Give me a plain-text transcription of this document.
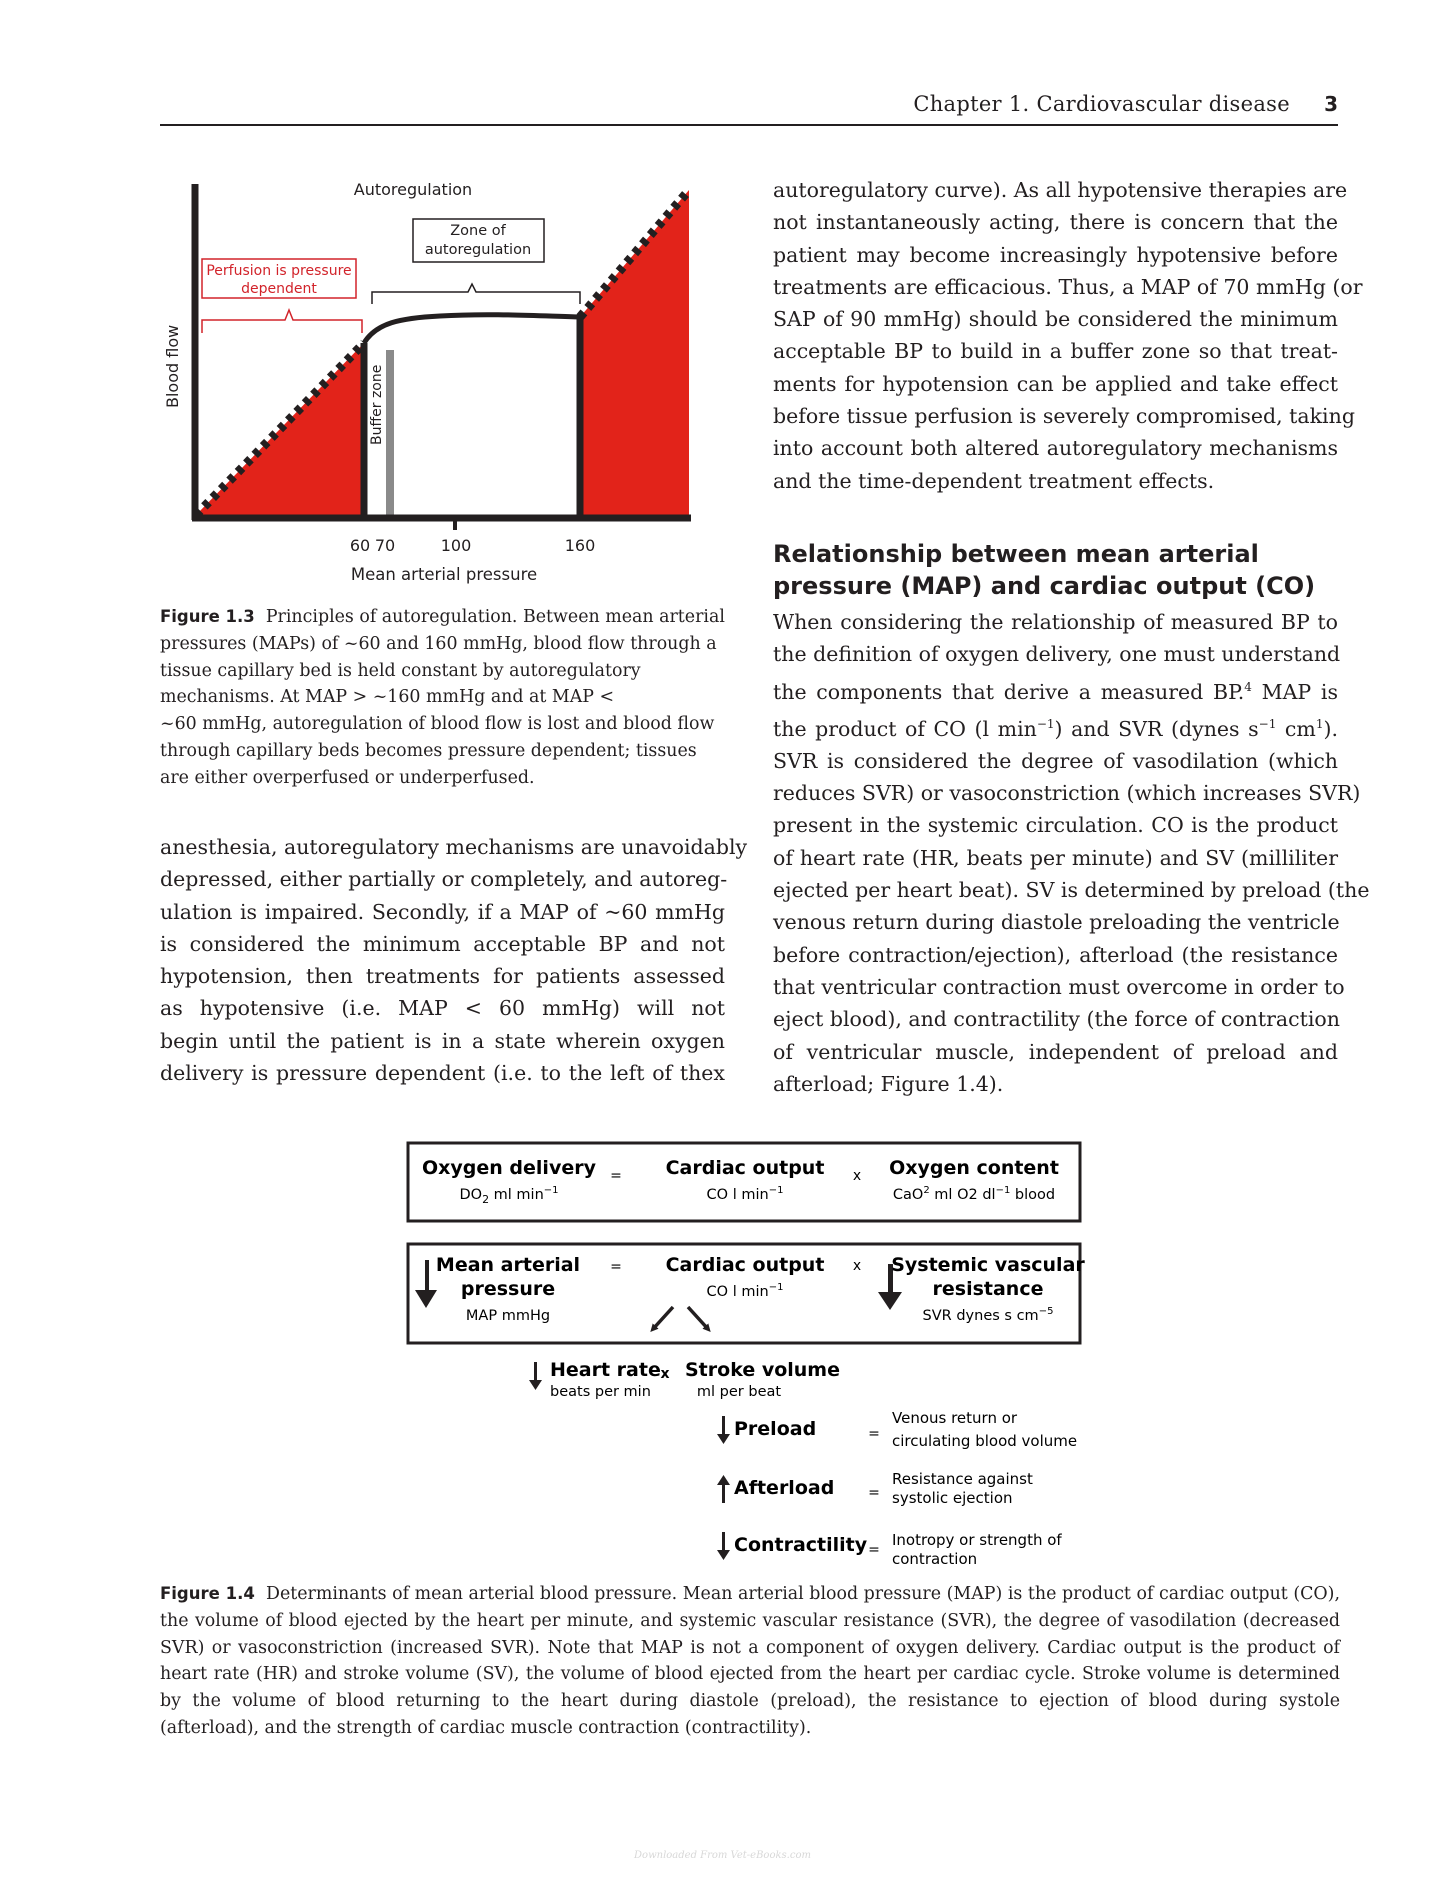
Chapter 1. Cardiovascular disease 3
Zone of
autoregulation
Perfusion is pressure
dependent
Autoregulation
Buffer zone
Blood flow
60 70	100	160
Mean arterial pressure
Figure 1.3 Principles of autoregulation. Between mean arterial
pressures (MAPs) of ~60 and 160 mmHg, blood flow through a
tissue capillary bed is held constant by autoregulatory
mechanisms. At MAP > ~160 mmHg and at MAP <
~60 mmHg, autoregulation of blood flow is lost and blood flow
through capillary beds becomes pressure dependent; tissues
are either overperfused or underperfused.
autoregulatory curve). As all hypotensive therapies are
not instantaneously acting, there is concern that the
patient may become increasingly hypotensive before
treatments are efficacious. Thus, a MAP of 70 mmHg (or
SAP of 90 mmHg) should be considered the minimum
acceptable BP to build in a buffer zone so that treat-
ments for hypotension can be applied and take effect
before tissue perfusion is severely compromised, taking
into account both altered autoregulatory mechanisms
and the time-dependent treatment effects.
Relationship between mean arterial
pressure (MAP) and cardiac output (CO)
When considering the relationship of measured BP to
the definition of oxygen delivery, one must understand
the components that derive a measured BP.$^4$ MAP is
the product of CO (l $\min^{-1}$) and SVR (dynes $s^{-1}$ $cm^1$).
SVR is considered the degree of vasodilation (which
reduces SVR) or vasoconstriction (which increases SVR)
present in the systemic circulation. CO is the product
of heart rate (HR, beats per minute) and SV (milliliter
ejected per heart beat). SV is determined by preload (the
venous return during diastole preloading the ventricle
before contraction/ejection), afterload (the resistance
that ventricular contraction must overcome in order to
eject blood), and contractility (the force of contraction
of ventricular muscle, independent of preload and
afterload; Figure 1.4).
anesthesia, autoregulatory mechanisms are unavoidably
depressed, either partially or completely, and autoreg-
ulation is impaired. Secondly, if a MAP of ~60 mmHg
is considered the minimum acceptable BP and not
hypotension, then treatments for patients assessed
as hypotensive (i.e. MAP < 60 mmHg) will not
begin until the patient is in a state wherein oxygen
delivery is pressure dependent (i.e. to the left of thex
Oxygen delivery
$DO_2$ ml $\min^{-1}$
= Cardiac output
CO l $\min^{-1}$
x Oxygen content
CaO$^2$ ml O2 $dl^{-1}$ blood
Mean arterial
pressure
MAP mmHg
= Cardiac output
CO l $\min^{-1}$
x Systemic vascular
resistance
SVR dynes s $cm^{-5}$
Heart rate
beats per min
x Stroke volume
ml per beat
Preload	=
Venous return or
circulating blood volume
Afterload =
Resistance against
systolic ejection
Contractility =
Inotropy or strength of
contraction
Figure 1.4 Determinants of mean arterial blood pressure. Mean arterial blood pressure (MAP) is the product of cardiac output (CO),
the volume of blood ejected by the heart per minute, and systemic vascular resistance (SVR), the degree of vasodilation (decreased
SVR) or vasoconstriction (increased SVR). Note that MAP is not a component of oxygen delivery. Cardiac output is the product of
heart rate (HR) and stroke volume (SV), the volume of blood ejected from the heart per cardiac cycle. Stroke volume is determined
by the volume of blood returning to the heart during diastole (preload), the resistance to ejection of blood during systole
(afterload), and the strength of cardiac muscle contraction (contractility).
Downloaded From Vet-eBooks.com
